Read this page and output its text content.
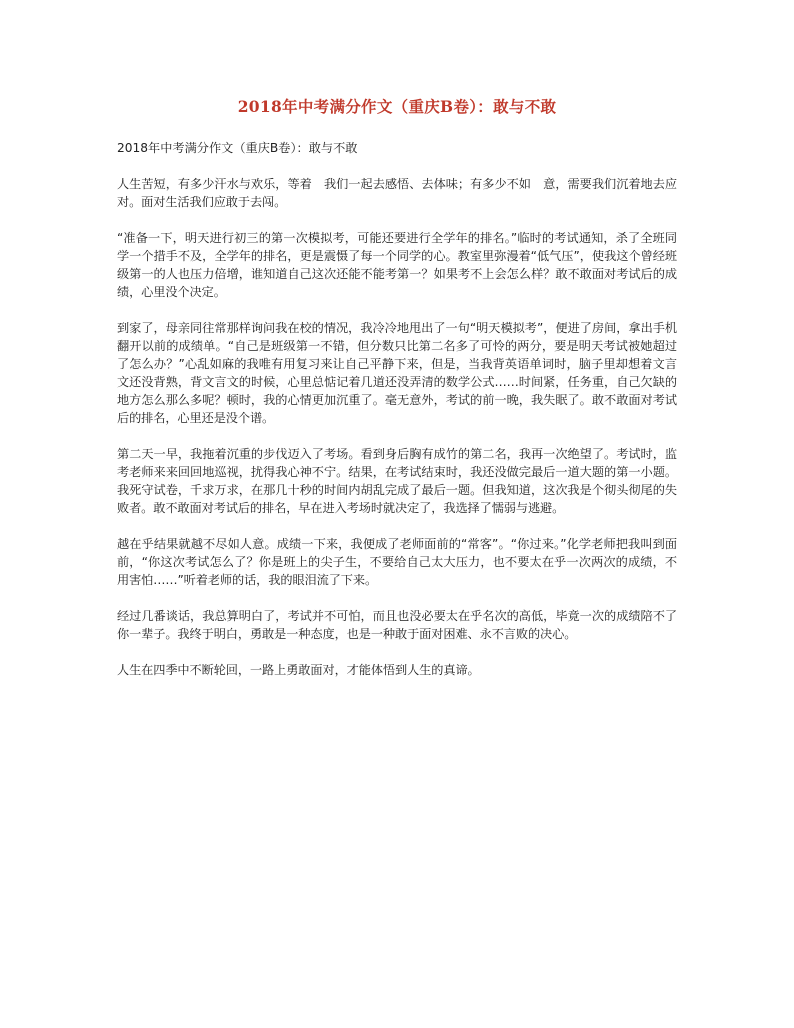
2018年中考满分作文（重庆B卷）：敢与不敢

2018年中考满分作文（重庆B卷）：敢与不敢

人生苦短，有多少汗水与欢乐，等着　我们一起去感悟、去体味；有多少不如　意，需要我们沉着地去应对。面对生活我们应敢于去闯。

“准备一下，明天进行初三的第一次模拟考，可能还要进行全学年的排名。”临时的考试通知，杀了全班同学一个措手不及，全学年的排名，更是震慑了每一个同学的心。教室里弥漫着“低气压”，使我这个曾经班级第一的人也压力倍增，谁知道自己这次还能不能考第一？如果考不上会怎么样？敢不敢面对考试后的成绩，心里没个决定。

到家了，母亲同往常那样询问我在校的情况，我冷冷地甩出了一句“明天模拟考”，便进了房间，拿出手机翻开以前的成绩单。“自己是班级第一不错，但分数只比第二名多了可怜的两分，要是明天考试被她超过了怎么办？”心乱如麻的我唯有用复习来让自己平静下来，但是，当我背英语单词时，脑子里却想着文言文还没背熟，背文言文的时候，心里总惦记着几道还没弄清的数学公式……时间紧，任务重，自己欠缺的地方怎么那么多呢？顿时，我的心情更加沉重了。毫无意外，考试的前一晚，我失眠了。敢不敢面对考试后的排名，心里还是没个谱。

第二天一早，我拖着沉重的步伐迈入了考场。看到身后胸有成竹的第二名，我再一次绝望了。考试时，监考老师来来回回地巡视，扰得我心神不宁。结果，在考试结束时，我还没做完最后一道大题的第一小题。我死守试卷，千求万求，在那几十秒的时间内胡乱完成了最后一题。但我知道，这次我是个彻头彻尾的失败者。敢不敢面对考试后的排名，早在进入考场时就决定了，我选择了懦弱与逃避。

越在乎结果就越不尽如人意。成绩一下来，我便成了老师面前的“常客”。“你过来。”化学老师把我叫到面前，“你这次考试怎么了？你是班上的尖子生，不要给自己太大压力，也不要太在乎一次两次的成绩，不用害怕……”听着老师的话，我的眼泪流了下来。

经过几番谈话，我总算明白了，考试并不可怕，而且也没必要太在乎名次的高低，毕竟一次的成绩陪不了你一辈子。我终于明白，勇敢是一种态度，也是一种敢于面对困难、永不言败的决心。

人生在四季中不断轮回，一路上勇敢面对，才能体悟到人生的真谛。
